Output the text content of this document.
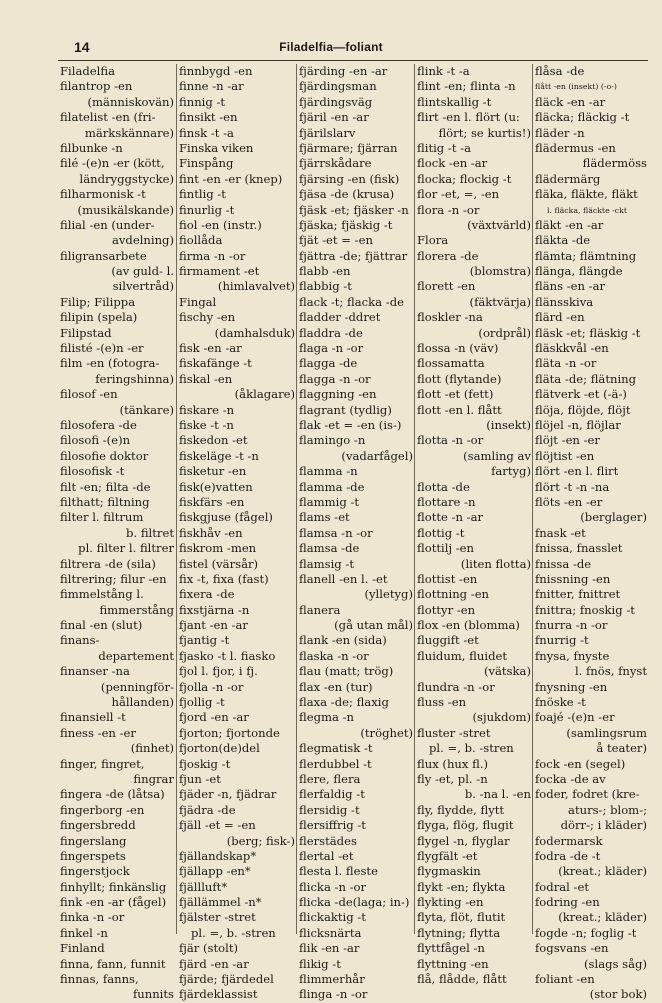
14	Filadelfia—foliant
Filadelfia
filantrop -en
(människovän)
filatelist -en (fri-
märkskännare)
filbunke -n
filé -(e)n -er (kött,
ländryggstycke)
filharmonisk -t
(musikälskande)
filial -en (under-
avdelning)
filigransarbete
(av guld- l.
silvertråd)
Filip; Filippa
filipin (spela)
Filipstad
filisté -(e)n -er
film -en (fotogra-
feringshinna)
filosof -en
(tänkare)
filosofera -de
filosofi -(e)n
filosofie doktor
filosofisk -t
filt -en; filta -de
filthatt; filtning
filter l. filtrum
b. filtret
pl. filter l. filtrer
filtrera -de (sila)
filtrering; filur -en
fimmelstång l.
fimmerstång
final -en (slut)
finans-
departement
finanser -na
(penningför-
hållanden)
finansiell -t
finess -en -er
(finhet)
finger, fingret,
fingrar
fingera -de (låtsa)
fingerborg -en
fingersbredd
fingerslang
fingerspets
fingerstjock
finhyllt; finkänslig
fink -en -ar (fågel)
finka -n -or
finkel -n
Finland
finna, fann, funnit
finnas, fanns,
funnits
finnbygd -en
finne -n -ar
finnig -t
finsikt -en
finsk -t -a
Finska viken
Finspång
fint -en -er (knep)
fintlig -t
finurlig -t
fiol -en (instr.)
fiollåda
firma -n -or
firmament -et
(himlavalvet)
Fingal
fischy -en
(damhalsduk)
fisk -en -ar
fiskafänge -t
fiskal -en
(åklagare)
fiskare -n
fiske -t -n
fiskedon -et
fiskeläge -t -n
fisketur -en
fisk(e)vatten
fiskfärs -en
fiskgjuse (fågel)
fiskhåv -en
fiskrom -men
fistel (värsår)
fix -t, fixa (fast)
fixera -de
fixstjärna -n
fjant -en -ar
fjantig -t
fjasko -t l. fiasko
fjol l. fjor, i fj.
fjolla -n -or
fjollig -t
fjord -en -ar
fjorton; fjortonde
fjorton(de)del
fjoskig -t
fjun -et
fjäder -n, fjädrar
fjädra -de
fjäll -et = -en
(berg; fisk-)
fjällandskap*
fjällapp -en*
fjällluft*
fjällämmel -n*
fjälster -stret
pl. =, b. -stren
fjär (stolt)
fjärd -en -ar
fjärde; fjärdedel
fjärdeklassist
fjärding -en -ar
fjärdingsman
fjärdingsväg
fjäril -en -ar
fjärilslarv
fjärmare; fjärran
fjärrskådare
fjärsing -en (fisk)
fjäsa -de (krusa)
fjäsk -et; fjäsker -n
fjäska; fjäskig -t
fjät -et = -en
fjättra -de; fjättrar
flabb -en
flabbig -t
flack -t; flacka -de
fladder -ddret
fladdra -de
flaga -n -or
flagga -de
flagga -n -or
flaggning -en
flagrant (tydlig)
flak -et = -en (is-)
flamingo -n
(vadarfågel)
flamma -n
flamma -de
flammig -t
flams -et
flamsa -n -or
flamsa -de
flamsig -t
flanell -en l. -et
(ylletyg)
flanera
(gå utan mål)
flank -en (sida)
flaska -n -or
flau (matt; trög)
flax -en (tur)
flaxa -de; flaxig
flegma -n
(tröghet)
flegmatisk -t
flerdubbel -t
flere, flera
flerfaldig -t
flersidig -t
flersiffrig -t
flerstädes
flertal -et
flesta l. fleste
flicka -n -or
flicka -de(laga; in-)
flickaktig -t
flicksnärta
flik -en -ar
flikig -t
flimmerhår
flinga -n -or
flink -t -a
flint -en; flinta -n
flintskallig -t
flirt -en l. flört (u:
flört; se kurtis!)
flitig -t -a
flock -en -ar
flocka; flockig -t
flor -et, =, -en
flora -n -or
(växtvärld)
Flora
florera -de
(blomstra)
florett -en
(fäktvärja)
floskler -na
(ordprål)
flossa -n (väv)
flossamatta
flott (flytande)
flott -et (fett)
flott -en l. flått
(insekt)
flotta -n -or
(samling av
fartyg)
flotta -de
flottare -n
flotte -n -ar
flottig -t
flottilj -en
(liten flotta)
flottist -en
flottning -en
flottyr -en
flox -en (blomma)
fluggift -et
fluidum, fluidet
(vätska)
flundra -n -or
fluss -en
(sjukdom)
fluster -stret
pl. =, b. -stren
flux (hux fl.)
fly -et, pl. -n
b. -na l. -en
fly, flydde, flytt
flyga, flög, flugit
flygel -n, flyglar
flygfält -et
flygmaskin
flykt -en; flykta
flykting -en
flyta, flöt, flutit
flytning; flytta
flyttfågel -n
flyttning -en
flå, flådde, flått
flåsa -de
flått -en (insekt) (-o-)
fläck -en -ar
fläcka; fläckig -t
fläder -n
flädermus -en
flädermöss
flädermärg
fläka, fläkte, fläkt
l. fläcka, fläckte -ckt
fläkt -en -ar
fläkta -de
flämta; flämtning
flänga, flängde
fläns -en -ar
flänsskiva
flärd -en
fläsk -et; fläskig -t
fläskkvål -en
fläta -n -or
fläta -de; flätning
flätverk -et (-ä-)
flöja, flöjde, flöjt
flöjel -n, flöjlar
flöjt -en -er
flöjtist -en
flört -en l. flirt
flört -t -n -na
flöts -en -er
(berglager)
fnask -et
fnissa, fnasslet
fnissa -de
fnissning -en
fnitter, fnittret
fnittra; fnoskig -t
fnurra -n -or
fnurrig -t
fnysa, fnyste
l. fnös, fnyst
fnysning -en
fnöske -t
foajé -(e)n -er
(samlingsrum
å teater)
fock -en (segel)
focka -de av
foder, fodret (kre-
aturs-; blom-;
dörr-; i kläder)
fodermarsk
fodra -de -t
(kreat.; kläder)
fodral -et
fodring -en
(kreat.; kläder)
fogde -n; foglig -t
fogsvans -en
(slags såg)
foliant -en
(stor bok)
